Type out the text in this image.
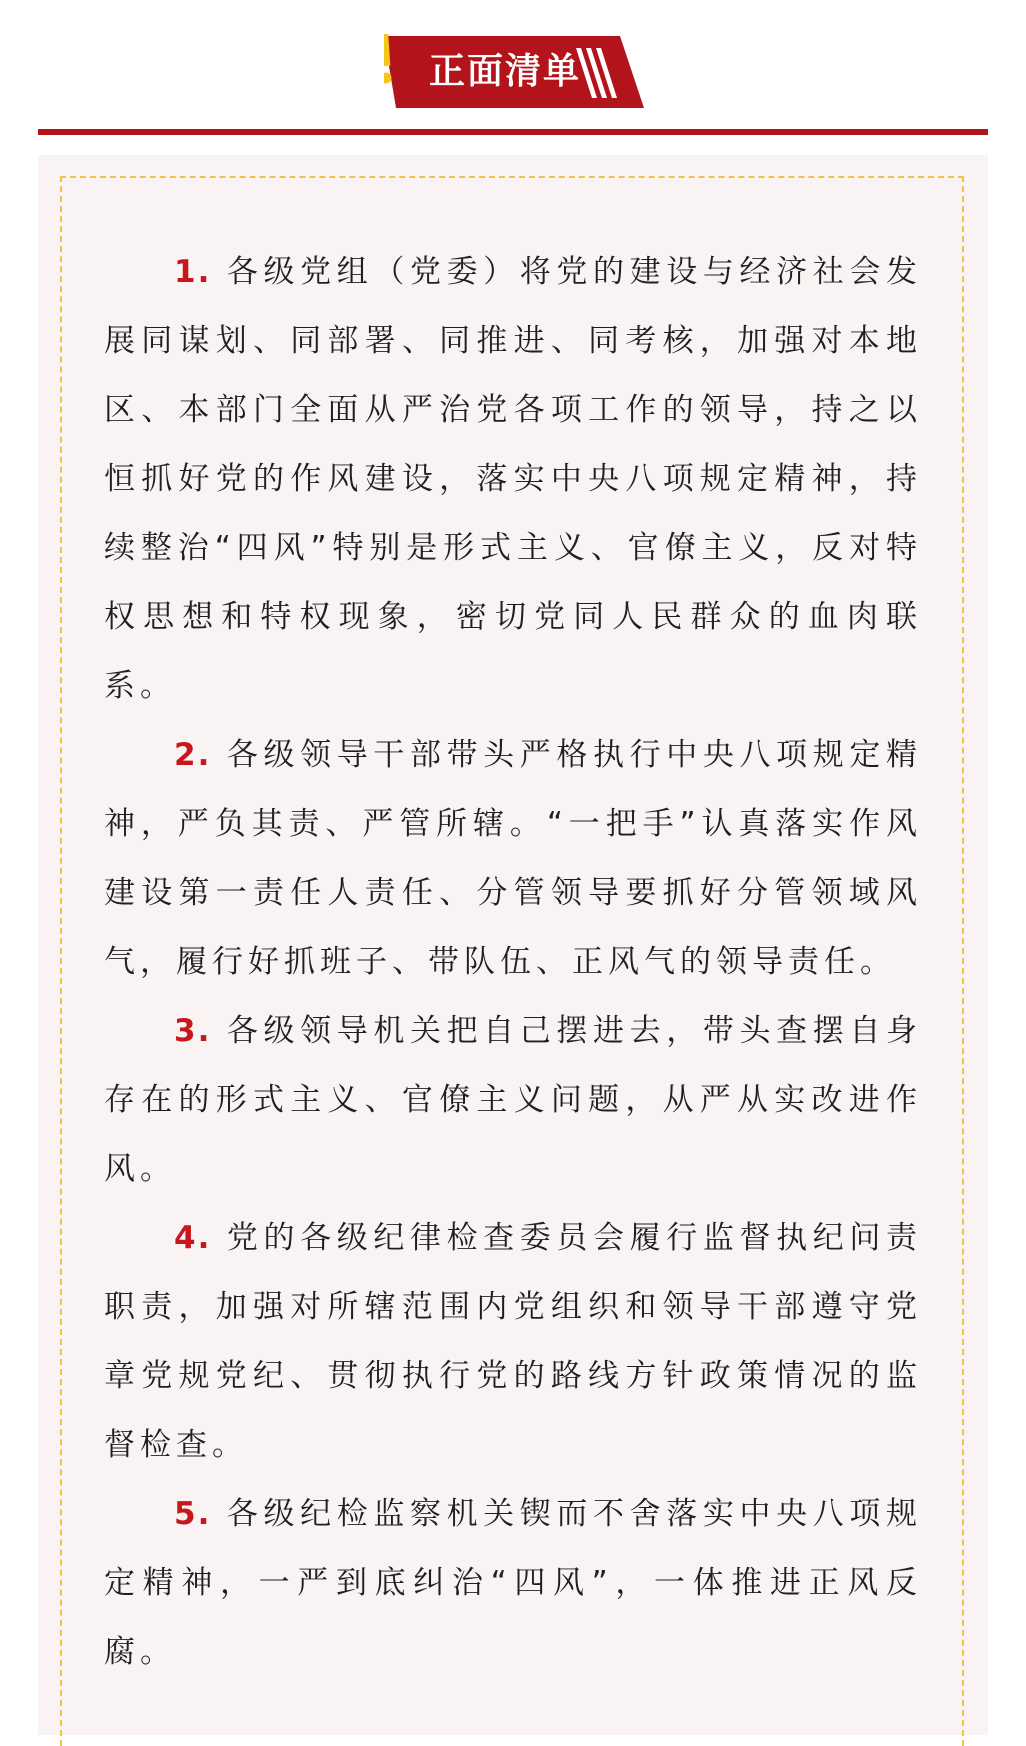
正面清单

1. 各级党组（党委）将党的建设与经济社会发展同谋划、同部署、同推进、同考核，加强对本地区、本部门全面从严治党各项工作的领导，持之以恒抓好党的作风建设，落实中央八项规定精神，持续整治“四风”特别是形式主义、官僚主义，反对特权思想和特权现象，密切党同人民群众的血肉联系。

2. 各级领导干部带头严格执行中央八项规定精神，严负其责、严管所辖。“一把手”认真落实作风建设第一责任人责任、分管领导要抓好分管领域风气，履行好抓班子、带队伍、正风气的领导责任。

3. 各级领导机关把自己摆进去，带头查摆自身存在的形式主义、官僚主义问题，从严从实改进作风。

4. 党的各级纪律检查委员会履行监督执纪问责职责，加强对所辖范围内党组织和领导干部遵守党章党规党纪、贯彻执行党的路线方针政策情况的监督检查。

5. 各级纪检监察机关锲而不舍落实中央八项规定精神，一严到底纠治“四风”，一体推进正风反腐。
